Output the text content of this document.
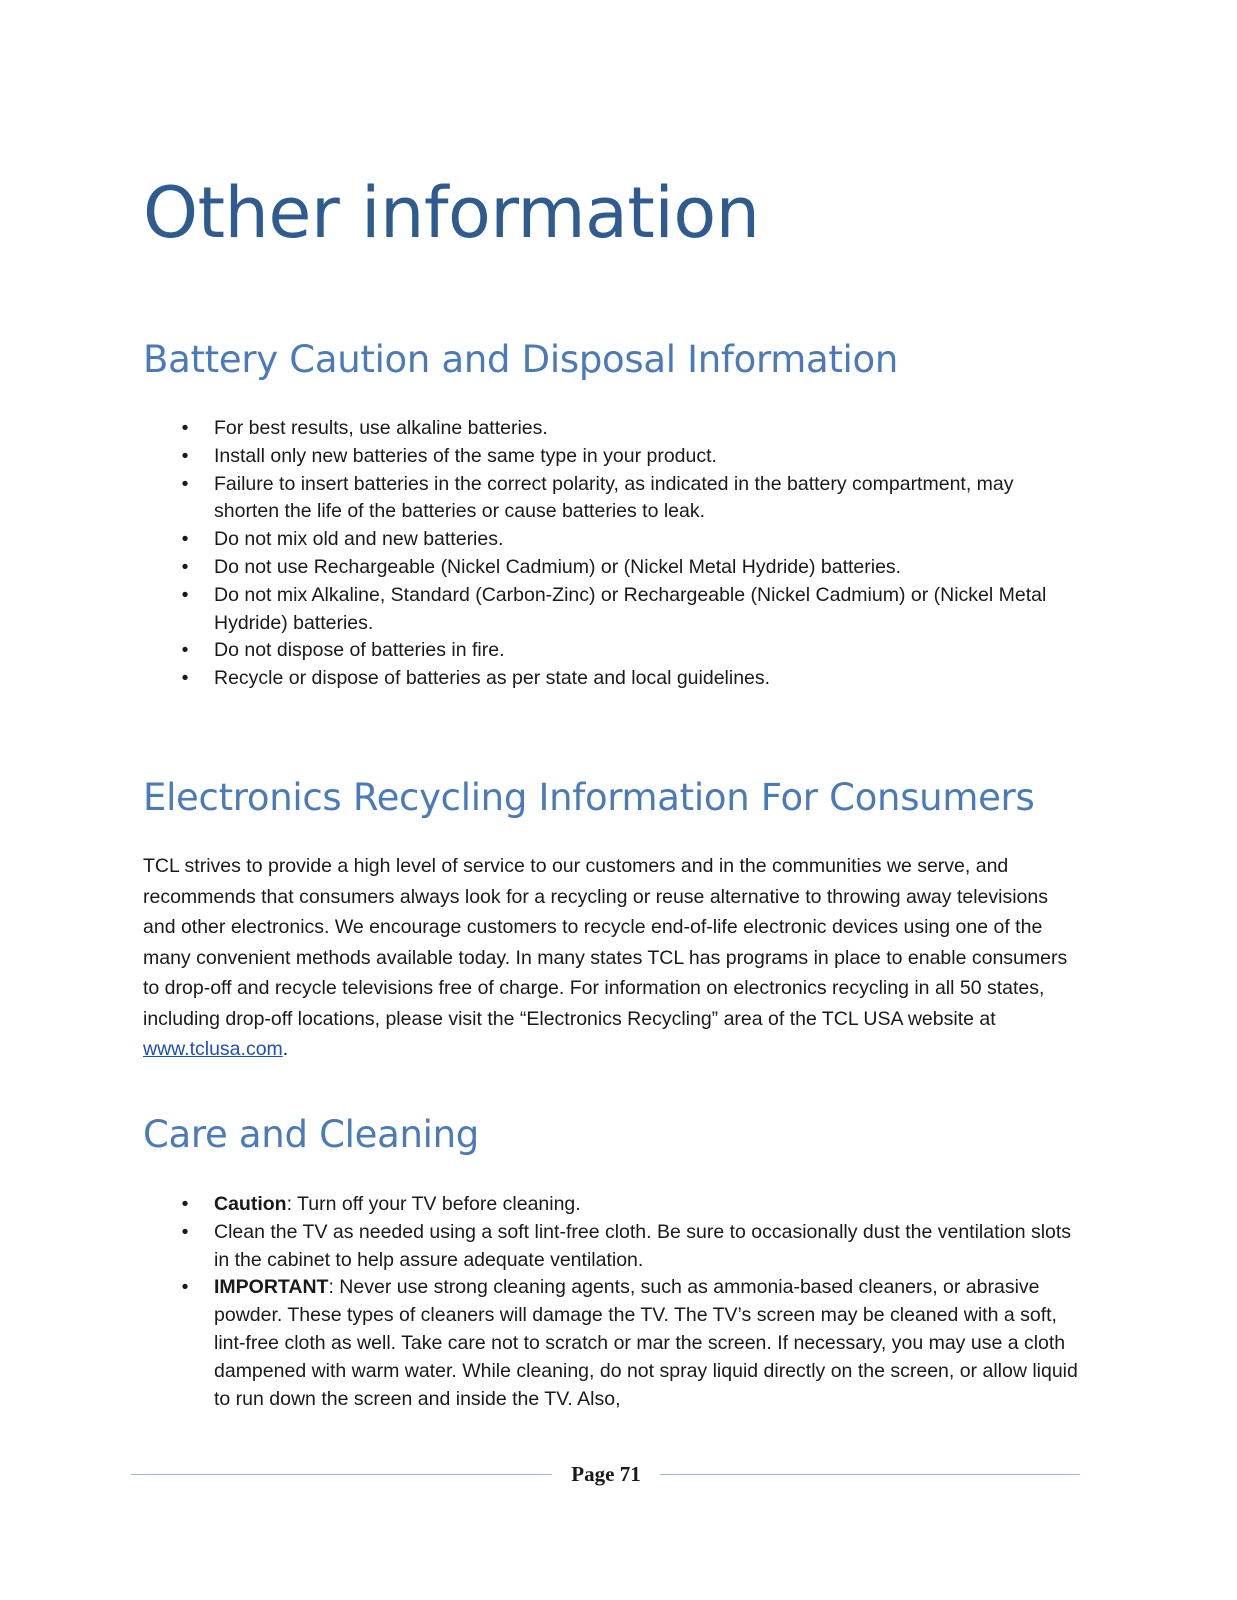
Other information
Battery Caution and Disposal Information
• For best results, use alkaline batteries.
• Install only new batteries of the same type in your product.
• Failure to insert batteries in the correct polarity, as indicated in the battery compartment, may shorten the life of the batteries or cause batteries to leak.
• Do not mix old and new batteries.
• Do not use Rechargeable (Nickel Cadmium) or (Nickel Metal Hydride) batteries.
• Do not mix Alkaline, Standard (Carbon-Zinc) or Rechargeable (Nickel Cadmium) or (Nickel Metal Hydride) batteries.
• Do not dispose of batteries in fire.
• Recycle or dispose of batteries as per state and local guidelines.
Electronics Recycling Information For Consumers

TCL strives to provide a high level of service to our customers and in the communities we serve, and recommends that consumers always look for a recycling or reuse alternative to throwing away televisions and other electronics. We encourage customers to recycle end-of-life electronic devices using one of the many convenient methods available today. In many states TCL has programs in place to enable consumers to drop-off and recycle televisions free of charge. For information on electronics recycling in all 50 states, including drop-off locations, please visit the “Electronics Recycling” area of the TCL USA website at www.tclusa.com.

Care and Cleaning
• Caution: Turn off your TV before cleaning.
• Clean the TV as needed using a soft lint-free cloth. Be sure to occasionally dust the ventilation slots in the cabinet to help assure adequate ventilation.
• IMPORTANT: Never use strong cleaning agents, such as ammonia-based cleaners, or abrasive powder. These types of cleaners will damage the TV. The TV’s screen may be cleaned with a soft, lint-free cloth as well. Take care not to scratch or mar the screen. If necessary, you may use a cloth dampened with warm water. While cleaning, do not spray liquid directly on the screen, or allow liquid to run down the screen and inside the TV. Also,
Page 71
